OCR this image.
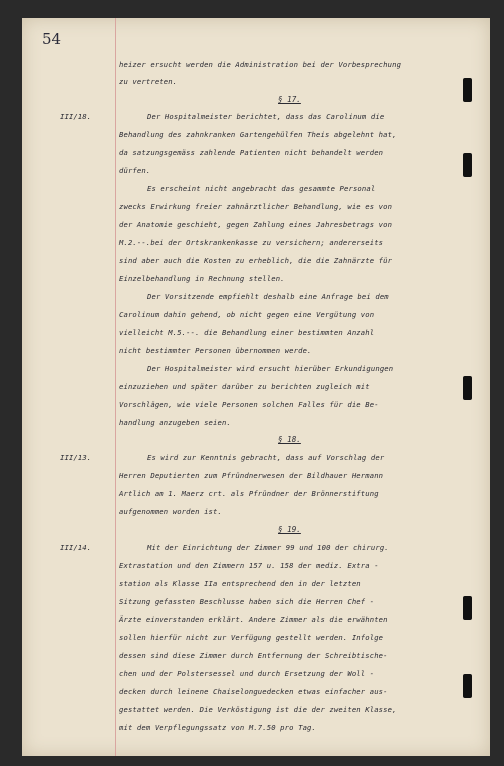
54
heizer ersucht werden die Administration bei der Vorbesprechung
zu vertreten.
§ 17.
III/18.	Der Hospitalmeister berichtet, dass das Carolinum die
Behandlung des zahnkranken Gartengehülfen Theis abgelehnt hat,
da satzungsgemäss zahlende Patienten nicht behandelt werden
dürfen.
Es erscheint nicht angebracht das gesammte Personal
zwecks Erwirkung freier zahnärztlicher Behandlung, wie es von
der Anatomie geschieht, gegen Zahlung eines Jahresbetrags von
M.2.--.bei der Ortskrankenkasse zu versichern; andererseits
sind aber auch die Kosten zu erheblich, die die Zahnärzte für
Einzelbehandlung in Rechnung stellen.
Der Vorsitzende empfiehlt deshalb eine Anfrage bei dem
Carolinum dahin gehend, ob nicht gegen eine Vergütung von
vielleicht M.5.--. die Behandlung einer bestimmten Anzahl
nicht bestimmter Personen übernommen werde.
Der Hospitalmeister wird ersucht hierüber Erkundigungen
einzuziehen und später darüber zu berichten zugleich mit
Vorschlägen, wie viele Personen solchen Falles für die Be-
handlung anzugeben seien.
§ 18.
III/13.	Es wird zur Kenntnis gebracht, dass auf Vorschlag der
Herren Deputierten zum Pfründnerwesen der Bildhauer Hermann
Artlich am 1. Maerz crt. als Pfründner der Brönnerstiftung
aufgenommen worden ist.
§ 19.
III/14.	Mit der Einrichtung der Zimmer 99 und 100 der chirurg.
Extrastation und den Zimmern 157 u. 158 der mediz. Extra -
station als Klasse IIa entsprechend den in der letzten
Sitzung gefassten Beschlusse haben sich die Herren Chef -
Ärzte einverstanden erklärt. Andere Zimmer als die erwähnten
sollen hierfür nicht zur Verfügung gestellt werden. Infolge
dessen sind diese Zimmer durch Entfernung der Schreibtische-
chen und der Polstersessel und durch Ersetzung der Woll -
decken durch leinene Chaiselonguedecken etwas einfacher aus-
gestattet werden. Die Verköstigung ist die der zweiten Klasse,
mit dem Verpflegungssatz von M.7.50 pro Tag.
